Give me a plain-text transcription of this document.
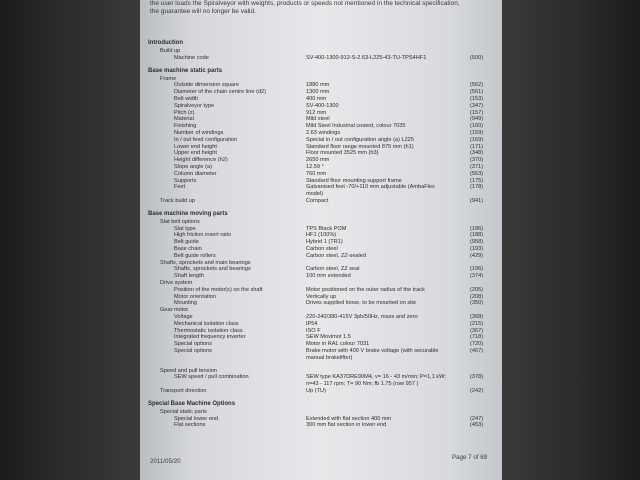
the user loads the Spiralveyor with weights, products or speeds not mentioned in the technical specification,
the guarantee will no longer be valid.
Introduction
Build up
Machine code	SV-400-1300-912-S-2.63-L225-43-TU-TPS4HF1	(500)
Base machine static parts
Frame
Outside dimension square	1880 mm	(562)
Diameter of the chain centre line (d2)	1300 mm	(561)
Belt width	400 mm	(153)
Spiralveyor type	SV-400-1300	(347)
Pitch (z)	912 mm	(157)
Material	Mild steel	(949)
Finishing	Mild Steel Industrial coated, colour 7035	(160)
Number of windings	2.63 windings	(159)
In / out feed configuration	Special in / out configuration angle (a) L225	(169)
Lower end height	Standard floor range mounted 875 mm (h1)	(171)
Upper end height	Floor mounted 3525 mm (h3)	(348)
Height difference (h2)	2650 mm	(370)
Slope angle (a)	12.59 °	(371)
Column diameter	760 mm	(563)
Supports	Standard floor mounting support frame	(175)
Feet	Galvanised feet -70/+110 mm adjustable (AmbaFlex	(178)
model)
Track build up	Compact	(941)
Base machine moving parts
Slat belt options
Slat type	TPS Black POM	(186)
High friction insert ratio	HF1 (100%)	(188)
Belt guide	Hybrid 1 (TR1)	(958)
Base chain	Carbon steel	(193)
Belt guide rollers	Carbon steel, ZZ-sealed	(429)
Shafts, sprockets and main bearings
Shafts, sprockets and bearings	Carbon steel, ZZ seal	(196)
Shaft length	100 mm extended	(374)
Drive system
Position of the motor(s) on the shaft	Motor positioned on the outer radius of the track	(205)
Motor orientation	Vertically up	(208)
Mounting	Drives supplied loose, to be mounted on site	(350)
Gear motor
Voltage	220-240/380-415V 3ph/50Hz, mass and zero	(368)
Mechanical isolation class	IP54	(215)
Thermostatic isolation class	ISO F	(367)
Integrated frequency inverter	SEW Movimot 1.5	(718)
Special options	Motor in RAL colour 7031	(720)
Special options	Brake motor with 400 V brake voltage (with securable	(467)
manual brakelifter)
Speed and pull tension
SEW speed / pull combination	SEW type KA37DRE90M4, v= 16 - 43 m/min; P=1,1 kW;	(378)
n=43 - 117 rpm; T= 90 Nm; fb 1.75 (row 957 )
Transport direction	Up (TU)	(242)
Special Base Machine Options
Special static parts
Special lower end	Extended with flat section 400 mm	(247)
Flat sections	300 mm flat section in lower end	(453)
2011/05/20
Page 7 of 69
